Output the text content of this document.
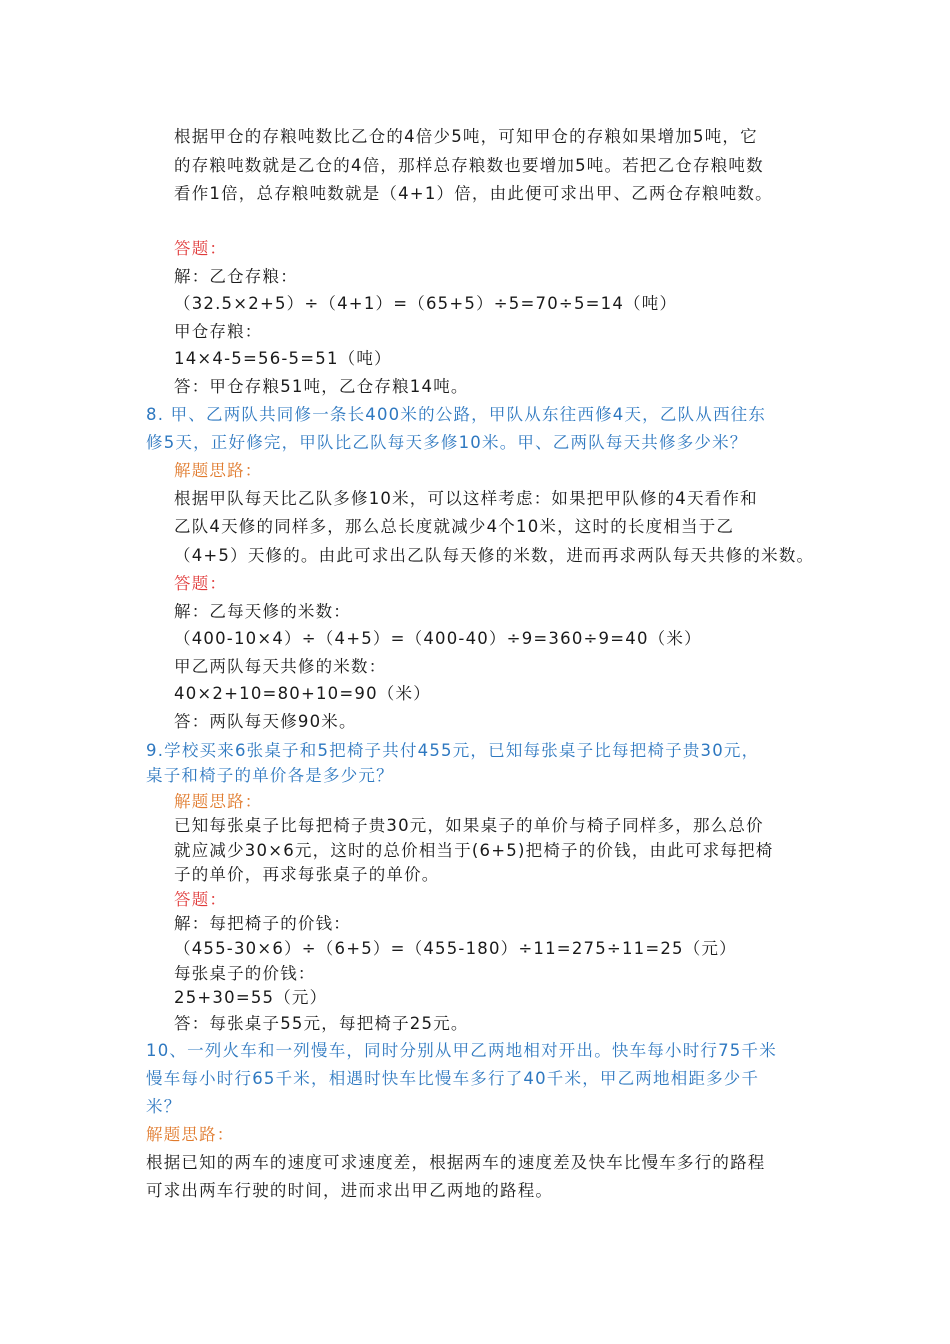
根据甲仓的存粮吨数比乙仓的4倍少5吨，可知甲仓的存粮如果增加5吨，它
的存粮吨数就是乙仓的4倍，那样总存粮数也要增加5吨。若把乙仓存粮吨数
看作1倍，总存粮吨数就是（4+1）倍，由此便可求出甲、乙两仓存粮吨数。
答题：
解：乙仓存粮：
（32.5×2+5）÷（4+1）=（65+5）÷5=70÷5=14（吨）
甲仓存粮：
14×4-5=56-5=51（吨）
答：甲仓存粮51吨，乙仓存粮14吨。
8. 甲、乙两队共同修一条长400米的公路，甲队从东往西修4天，乙队从西往东
修5天，正好修完，甲队比乙队每天多修10米。甲、乙两队每天共修多少米？
解题思路：
根据甲队每天比乙队多修10米，可以这样考虑：如果把甲队修的4天看作和
乙队4天修的同样多，那么总长度就减少4个10米，这时的长度相当于乙
（4+5）天修的。由此可求出乙队每天修的米数，进而再求两队每天共修的米数。
答题：
解：乙每天修的米数：
（400-10×4）÷（4+5）=（400-40）÷9=360÷9=40（米）
甲乙两队每天共修的米数：
40×2+10=80+10=90（米）
答：两队每天修90米。
9.学校买来6张桌子和5把椅子共付455元，已知每张桌子比每把椅子贵30元，
桌子和椅子的单价各是多少元？
解题思路：
已知每张桌子比每把椅子贵30元，如果桌子的单价与椅子同样多，那么总价
就应减少30×6元，这时的总价相当于(6+5)把椅子的价钱，由此可求每把椅
子的单价，再求每张桌子的单价。
答题：
解：每把椅子的价钱：
（455-30×6）÷（6+5）=（455-180）÷11=275÷11=25（元）
每张桌子的价钱：
25+30=55（元）
答：每张桌子55元，每把椅子25元。
10、一列火车和一列慢车，同时分别从甲乙两地相对开出。快车每小时行75千米
慢车每小时行65千米，相遇时快车比慢车多行了40千米，甲乙两地相距多少千
米？
解题思路：
根据已知的两车的速度可求速度差，根据两车的速度差及快车比慢车多行的路程
可求出两车行驶的时间，进而求出甲乙两地的路程。
